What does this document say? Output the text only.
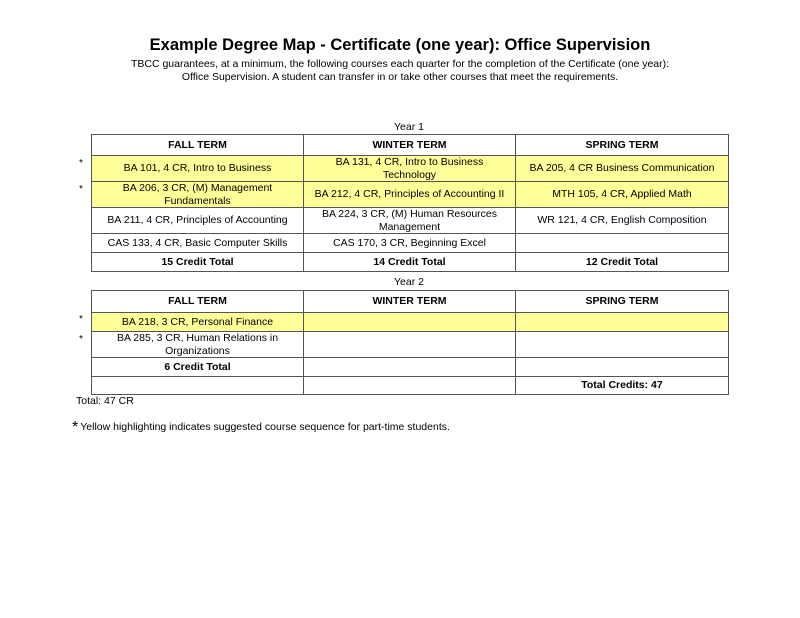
Example Degree Map - Certificate (one year): Office Supervision
TBCC guarantees, at a minimum, the following courses each quarter for the completion of the Certificate (one year):
Office Supervision. A student can transfer in or take other courses that meet the requirements.
Year 1
*
*
FALL TERM	WINTER TERM	SPRING TERM
BA 101, 4 CR, Intro to Business	BA 131, 4 CR, Intro to Business Technology	BA 205, 4 CR Business Communication
BA 206, 3 CR, (M) Management Fundamentals	BA 212, 4 CR, Principles of Accounting II	MTH 105, 4 CR, Applied Math
BA 211, 4 CR, Principles of Accounting	BA 224, 3 CR, (M) Human Resources Management	WR 121, 4 CR, English Composition
CAS 133, 4 CR, Basic Computer Skills	CAS 170, 3 CR, Beginning Excel	
15 Credit Total	14 Credit Total	12 Credit Total
Year 2
*
*
FALL TERM	WINTER TERM	SPRING TERM
BA 218, 3 CR, Personal Finance		
BA 285, 3 CR, Human Relations in Organizations		
6 Credit Total		
		Total Credits: 47
Total: 47 CR
* Yellow highlighting indicates suggested course sequence for part-time students.
